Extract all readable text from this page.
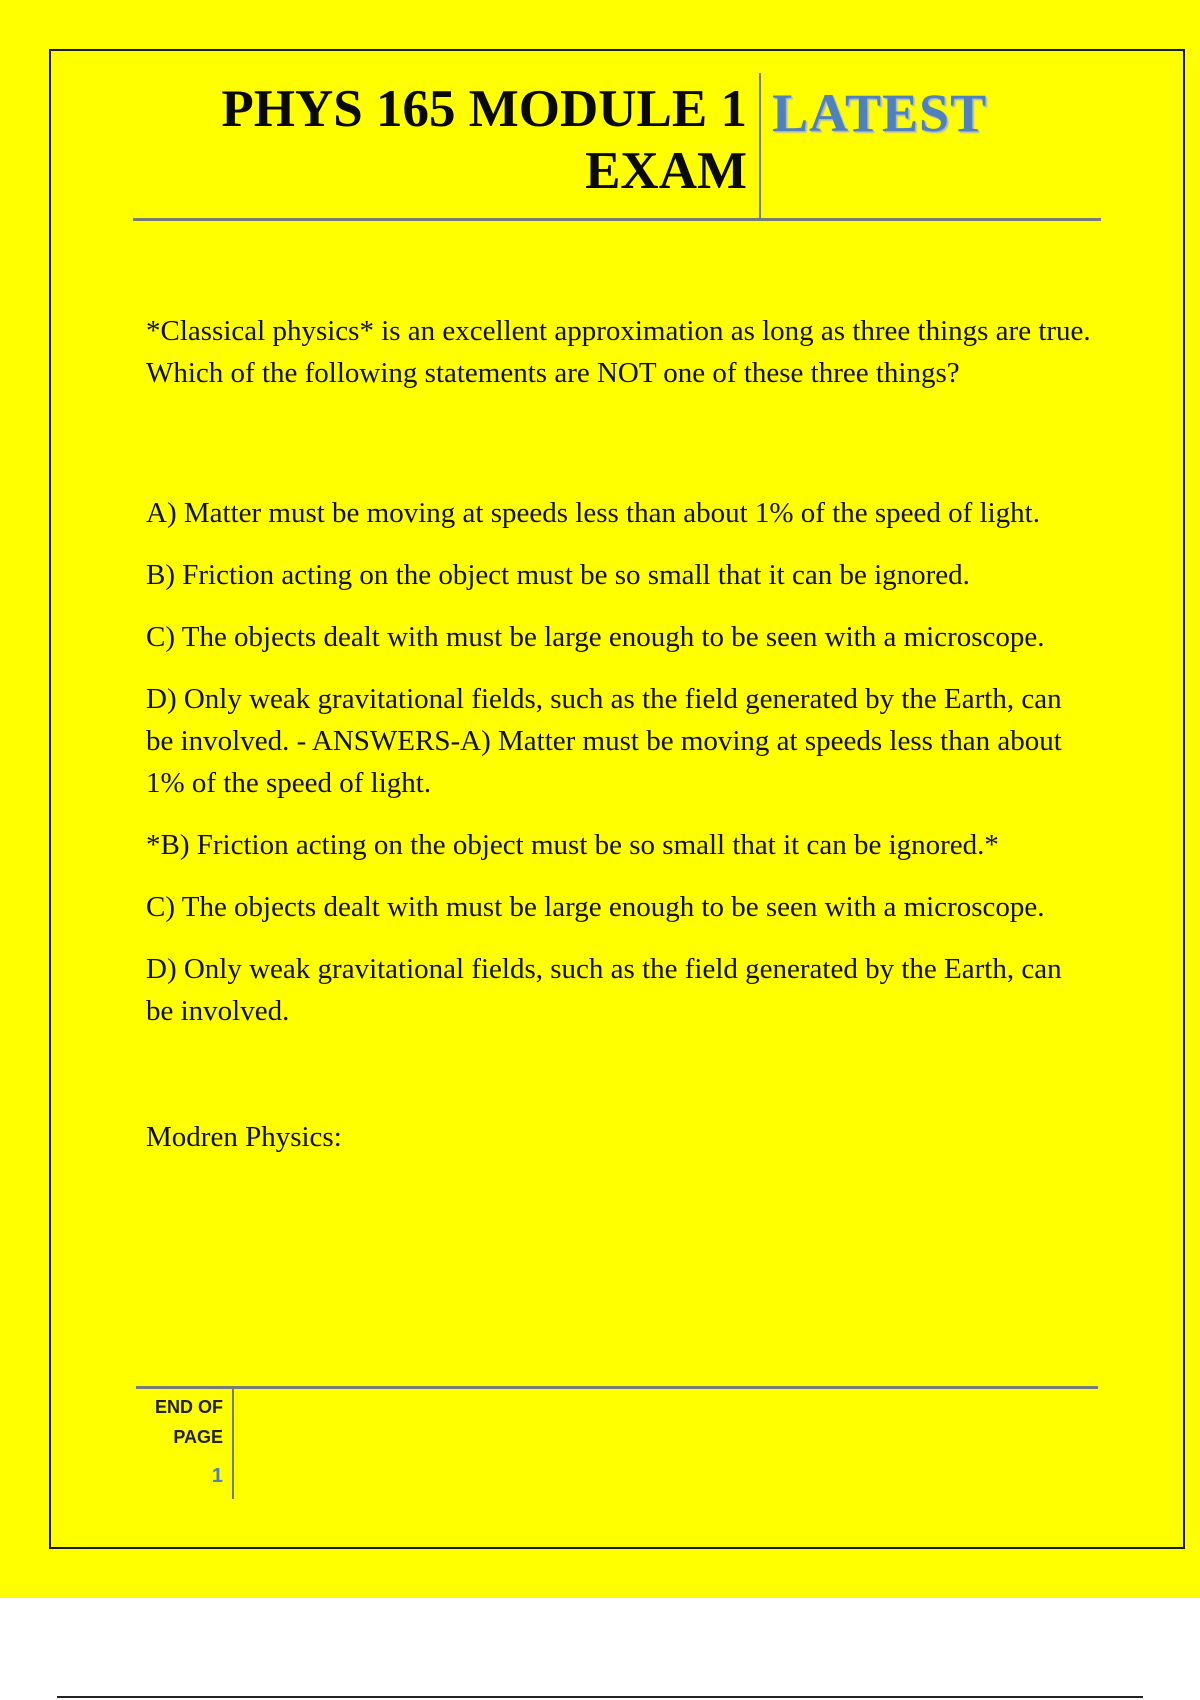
PHYS 165 MODULE 1
EXAM
LATEST

*Classical physics* is an excellent approximation as long as three things are true. Which of the following statements are NOT one of these three things?

A) Matter must be moving at speeds less than about 1% of the speed of light.

B) Friction acting on the object must be so small that it can be ignored.

C) The objects dealt with must be large enough to be seen with a microscope.

D) Only weak gravitational fields, such as the field generated by the Earth, can be involved. - ANSWERS-A) Matter must be moving at speeds less than about 1% of the speed of light.

*B) Friction acting on the object must be so small that it can be ignored.*

C) The objects dealt with must be large enough to be seen with a microscope.

D) Only weak gravitational fields, such as the field generated by the Earth, can be involved.

Modren Physics:

END OF PAGE
1
